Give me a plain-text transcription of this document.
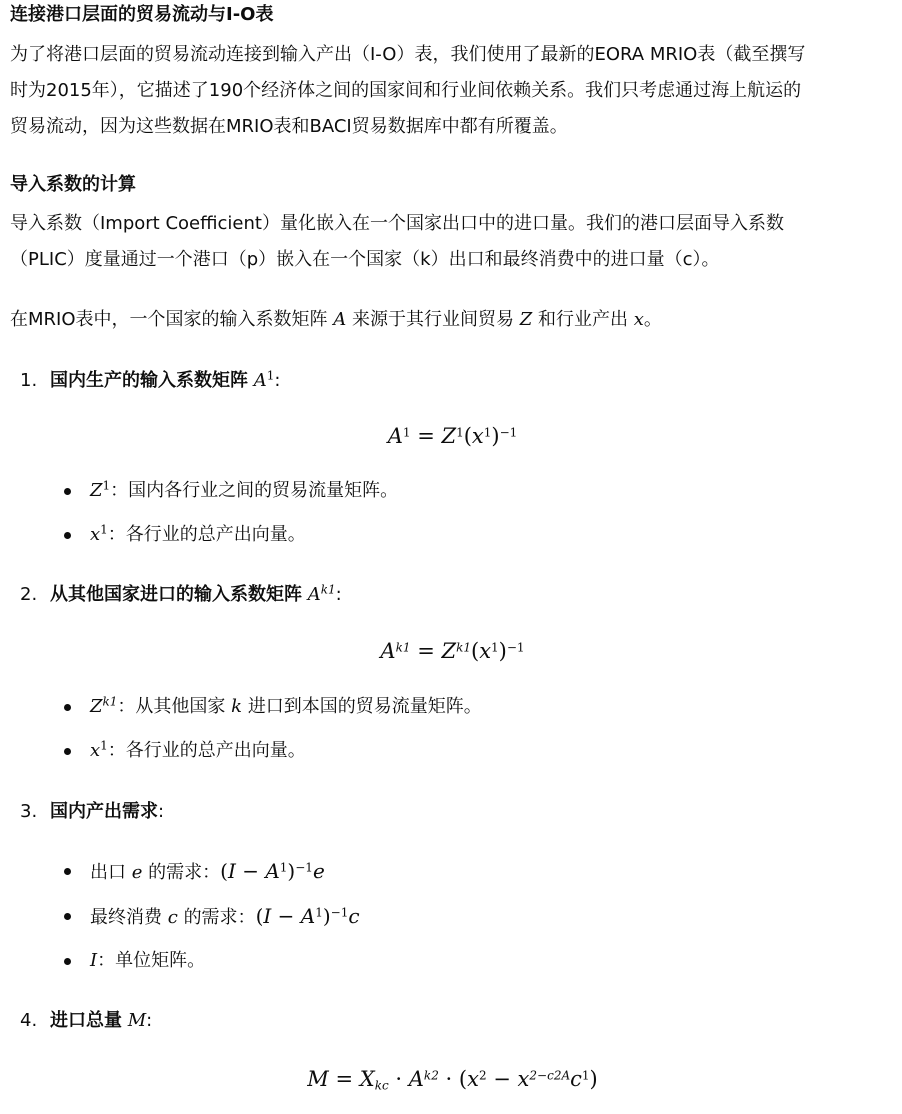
连接港口层面的贸易流动与I-O表

为了将港口层面的贸易流动连接到输入产出（I-O）表，我们使用了最新的EORA MRIO表（截至撰写

时为2015年），它描述了190个经济体之间的国家间和行业间依赖关系。我们只考虑通过海上航运的

贸易流动，因为这些数据在MRIO表和BACI贸易数据库中都有所覆盖。

导入系数的计算

导入系数（Import Coefficient）量化嵌入在一个国家出口中的进口量。我们的港口层面导入系数

（PLIC）度量通过一个港口（p）嵌入在一个国家（k）出口和最终消费中的进口量（c）。

在MRIO表中，一个国家的输入系数矩阵 A 来源于其行业间贸易 Z 和行业产出 x。

1. 国内生产的输入系数矩阵 $A^1$:
$A^1 = Z^1(x^1)^{-1}$
$Z^1$：国内各行业之间的贸易流量矩阵。
$x^1$：各行业的总产出向量。
2. 从其他国家进口的输入系数矩阵 $A^{k1}$:
$A^{k1} = Z^{k1}(x^1)^{-1}$
$Z^{k1}$：从其他国家 k 进口到本国的贸易流量矩阵。
$x^1$：各行业的总产出向量。
3. 国内产出需求:
出口 e 的需求：$(I - A^1)^{-1}e$
最终消费 c 的需求：$(I - A^1)^{-1}c$
I：单位矩阵。
4. 进口总量 M:
$M = X_{kc} \cdot A^{k2} \cdot (x^2 - x^{2-c2A}c^1)$
